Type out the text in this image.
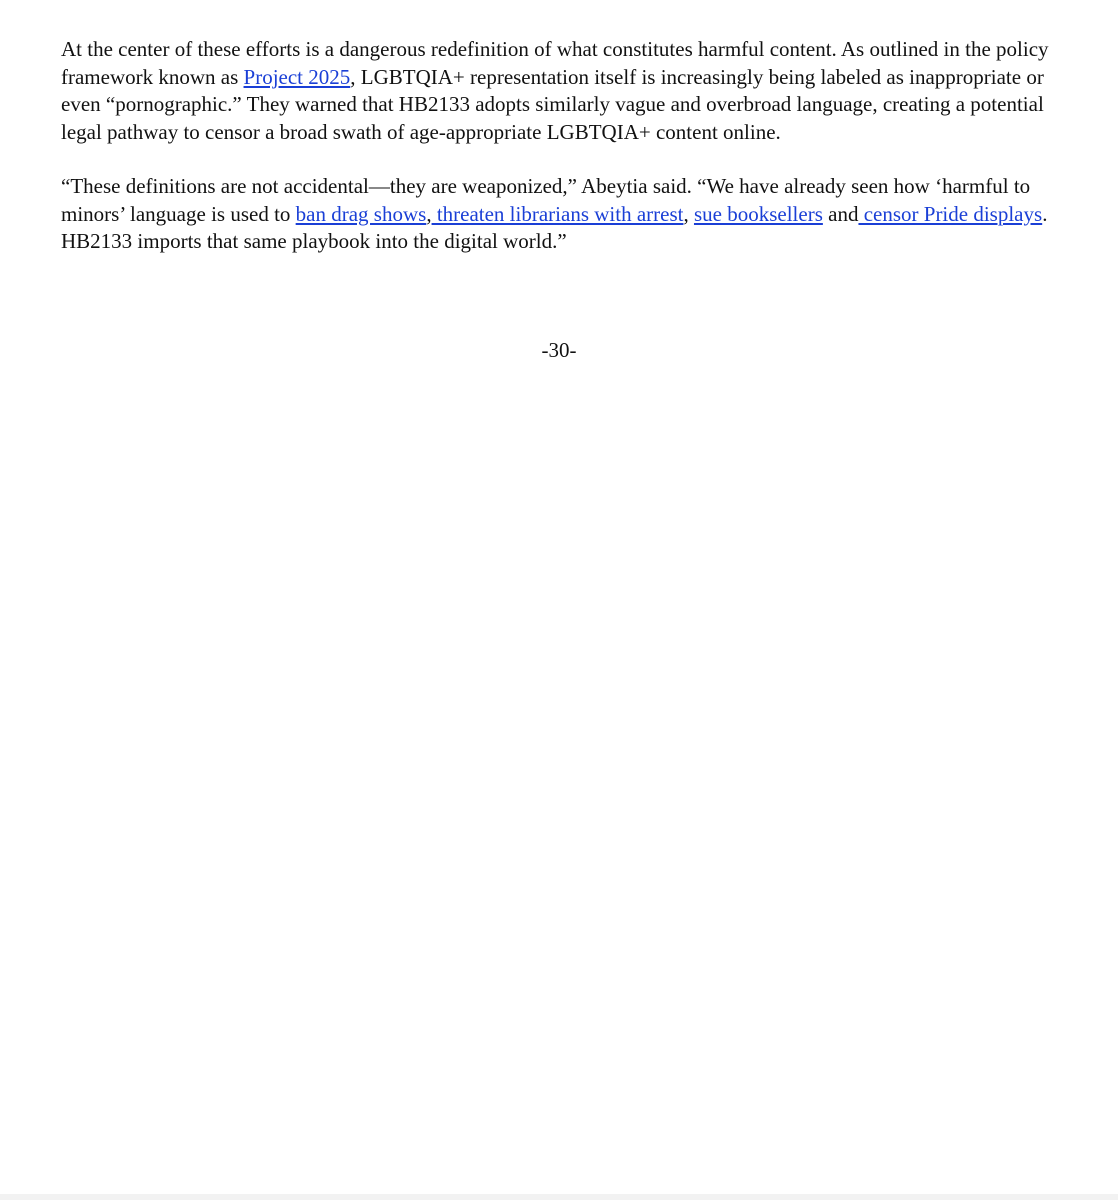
At the center of these efforts is a dangerous redefinition of what constitutes harmful content. As outlined in the policy framework known as Project 2025, LGBTQIA+ representation itself is increasingly being labeled as inappropriate or even “pornographic.” They warned that HB2133 adopts similarly vague and overbroad language, creating a potential legal pathway to censor a broad swath of age-appropriate LGBTQIA+ content online.

“These definitions are not accidental—they are weaponized,” Abeytia said. “We have already seen how ‘harmful to minors’ language is used to ban drag shows, threaten librarians with arrest, sue booksellers and censor Pride displays. HB2133 imports that same playbook into the digital world.”

-30-
